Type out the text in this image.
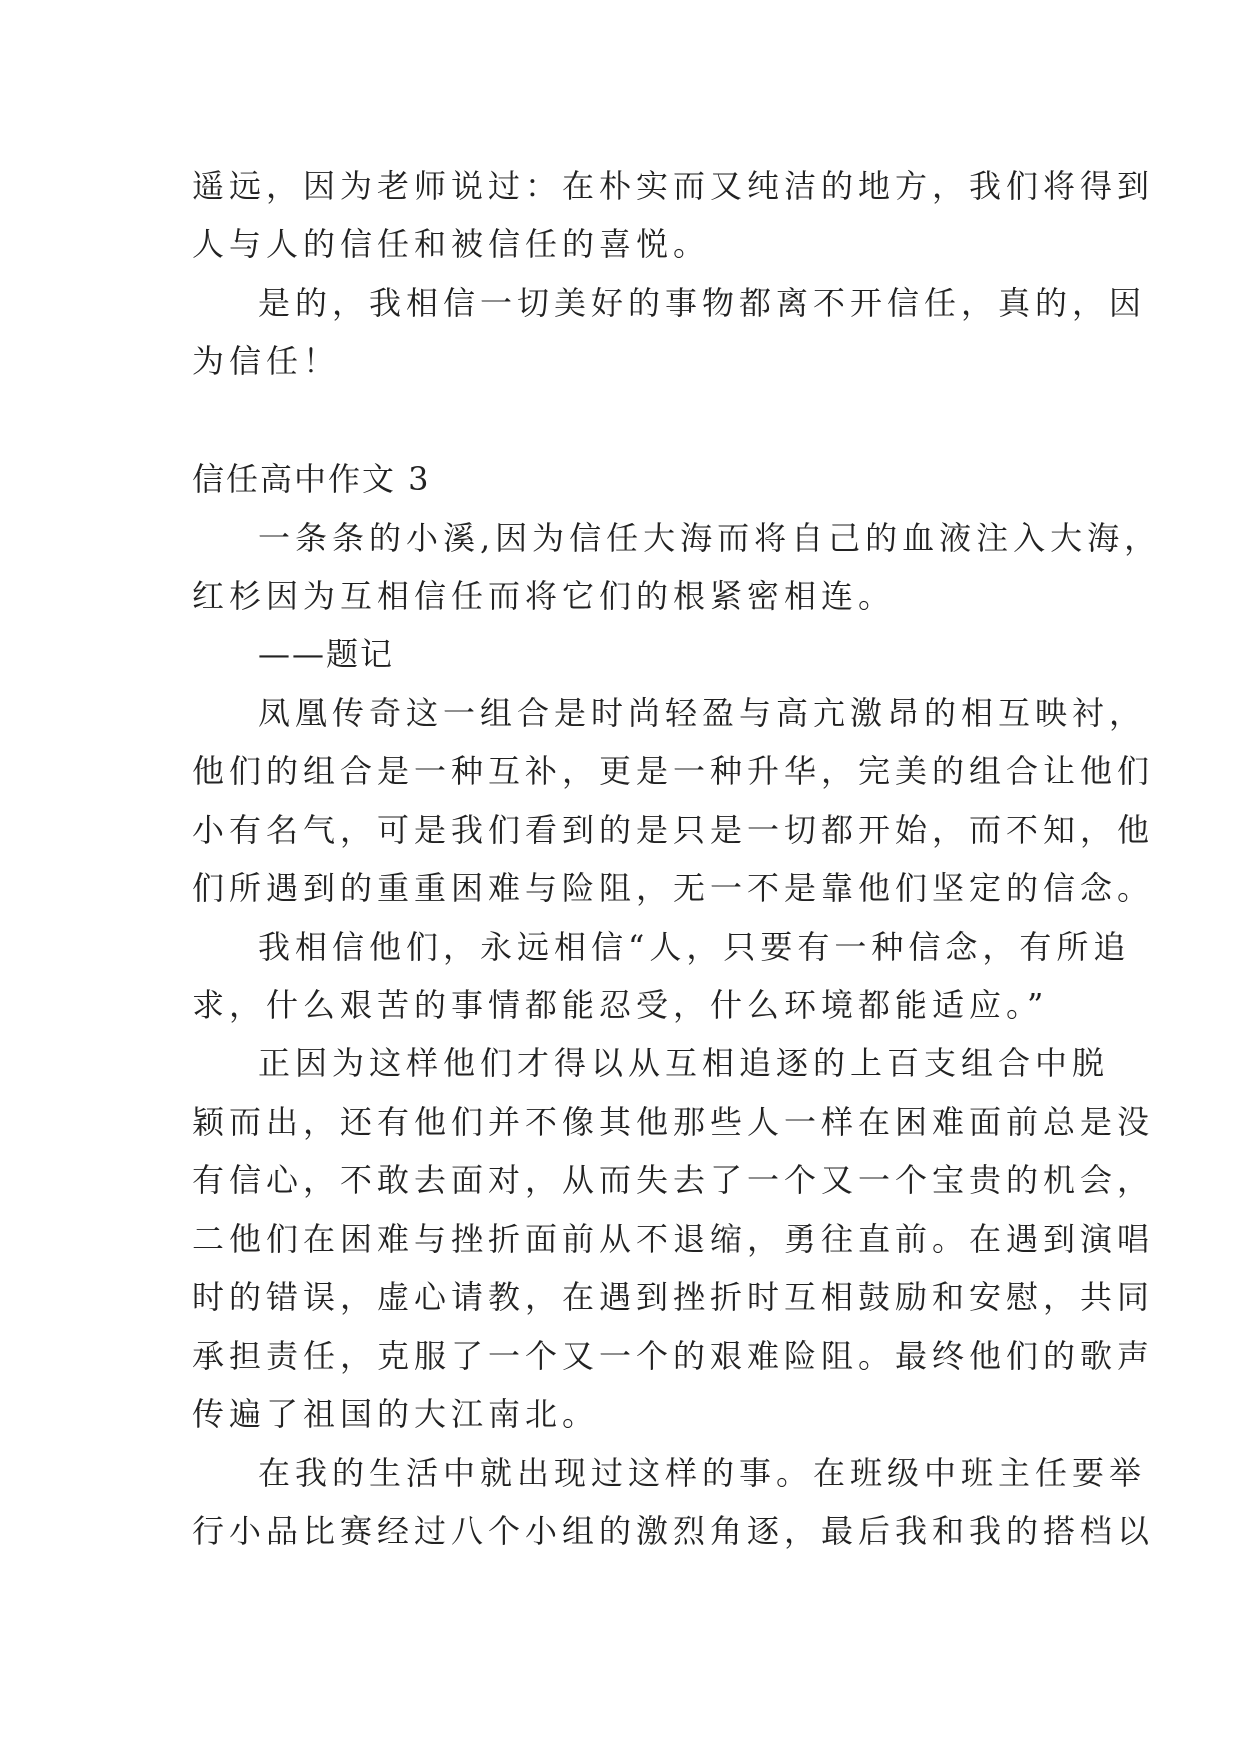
遥远，因为老师说过：在朴实而又纯洁的地方，我们将得到

人与人的信任和被信任的喜悦。

是的，我相信一切美好的事物都离不开信任，真的，因

为信任！

信任高中作文 3

一条条的小溪,因为信任大海而将自己的血液注入大海，

红杉因为互相信任而将它们的根紧密相连。

——题记

凤凰传奇这一组合是时尚轻盈与高亢激昂的相互映衬，

他们的组合是一种互补，更是一种升华，完美的组合让他们

小有名气，可是我们看到的是只是一切都开始，而不知，他

们所遇到的重重困难与险阻，无一不是靠他们坚定的信念。

我相信他们，永远相信“人，只要有一种信念，有所追

求，什么艰苦的事情都能忍受，什么环境都能适应。”

正因为这样他们才得以从互相追逐的上百支组合中脱

颖而出，还有他们并不像其他那些人一样在困难面前总是没

有信心，不敢去面对，从而失去了一个又一个宝贵的机会，

二他们在困难与挫折面前从不退缩，勇往直前。在遇到演唱

时的错误，虚心请教，在遇到挫折时互相鼓励和安慰，共同

承担责任，克服了一个又一个的艰难险阻。最终他们的歌声

传遍了祖国的大江南北。

在我的生活中就出现过这样的事。在班级中班主任要举

行小品比赛经过八个小组的激烈角逐，最后我和我的搭档以
